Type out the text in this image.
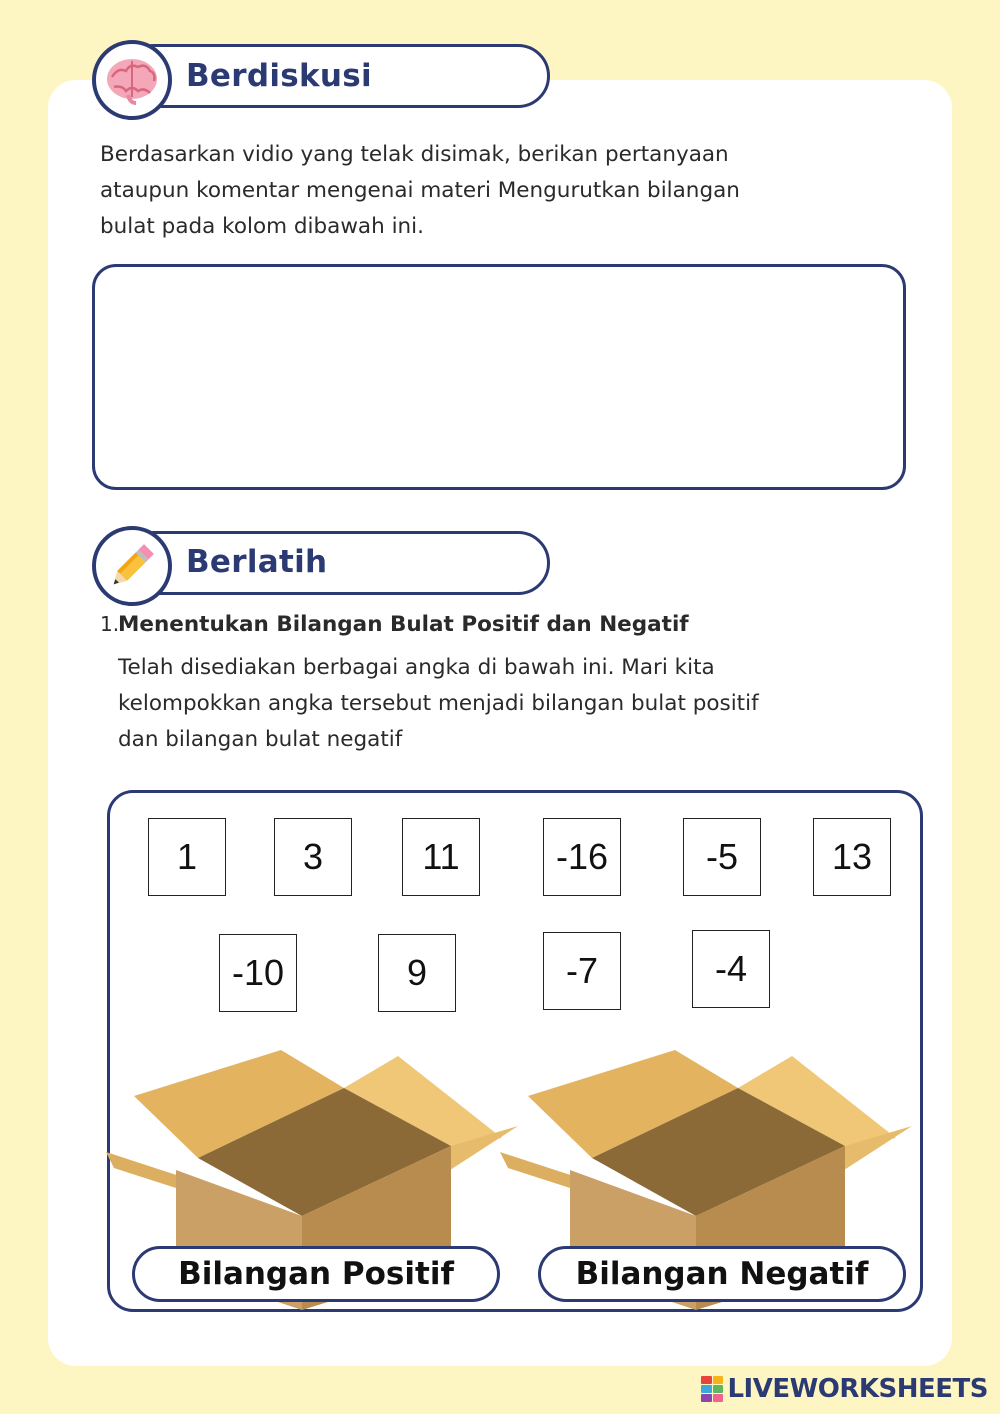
Berdiskusi
Berdasarkan vidio yang telak disimak, berikan pertanyaan
ataupun komentar mengenai materi Mengurutkan bilangan
bulat pada kolom dibawah ini.
Berlatih
1.Menentukan Bilangan Bulat Positif dan Negatif
Telah disediakan berbagai angka di bawah ini. Mari kita
kelompokkan angka tersebut menjadi bilangan bulat positif
dan bilangan bulat negatif
1	3	11	-16	-5	13
-10	9	-7	-4
Bilangan Positif	Bilangan Negatif
LIVEWORKSHEETS
